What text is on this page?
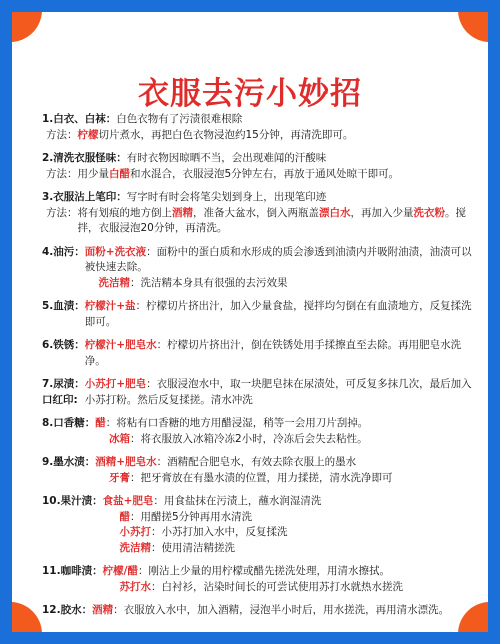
衣服去污小妙招
1.白衣、白袜： 白色衣物有了污渍很难根除
方法： 柠檬切片煮水，再把白色衣物浸泡约15分钟，再清洗即可。
2.清洗衣服怪味： 有时衣物因晾晒不当，会出现难闻的汗酸味
方法： 用少量白醋和水混合，衣服浸泡5分钟左右，再放于通风处晾干即可。
3.衣服沾上笔印： 写字时有时会将笔尖划到身上，出现笔印迹
方法： 将有划痕的地方倒上酒精，准备大盆水，倒入两瓶盖漂白水，再加入少量洗衣粉。搅拌，衣服浸泡20分钟，再清洗。
4.油污： 面粉+洗衣液：面粉中的蛋白质和水形成的质会渗透到油渍内并吸附油渍，油渍可以被快速去除。
洗洁精：洗洁精本身具有很强的去污效果
5.血渍： 柠檬汁+盐：柠檬切片挤出汁，加入少量食盐，搅拌均匀倒在有血渍地方，反复揉洗即可。
6.铁锈： 柠檬汁+肥皂水：柠檬切片挤出汁，倒在铁锈处用手揉擦直至去除。再用肥皂水洗净。
7.尿渍：
口红印:
小苏打+肥皂：衣服浸泡水中，取一块肥皂抹在尿渍处，可反复多抹几次，最后加入小苏打粉。然后反复揉搓。清水冲洗
8.口香糖： 醋：将粘有口香糖的地方用醋浸湿，稍等一会用刀片刮掉。
冰箱：将衣服放入冰箱冷冻2小时，冷冻后会失去粘性。
9.墨水渍： 酒精+肥皂水：酒精配合肥皂水，有效去除衣服上的墨水
牙膏：把牙膏放在有墨水渍的位置，用力揉搓，清水洗净即可
10.果汁渍： 食盐+肥皂：用食盐抹在污渍上，蘸水润湿清洗
醋：用醋搓5分钟再用水清洗
小苏打：小苏打加入水中，反复揉洗
洗洁精：使用清洁精搓洗
11.咖啡渍： 柠檬/醋：刚沾上少量的用柠檬或醋先搓洗处理，用清水擦拭。
苏打水：白衬衫，沾染时间长的可尝试使用苏打水就热水搓洗
12.胶水： 酒精：衣服放入水中，加入酒精，浸泡半小时后，用水搓洗，再用清水漂洗。
